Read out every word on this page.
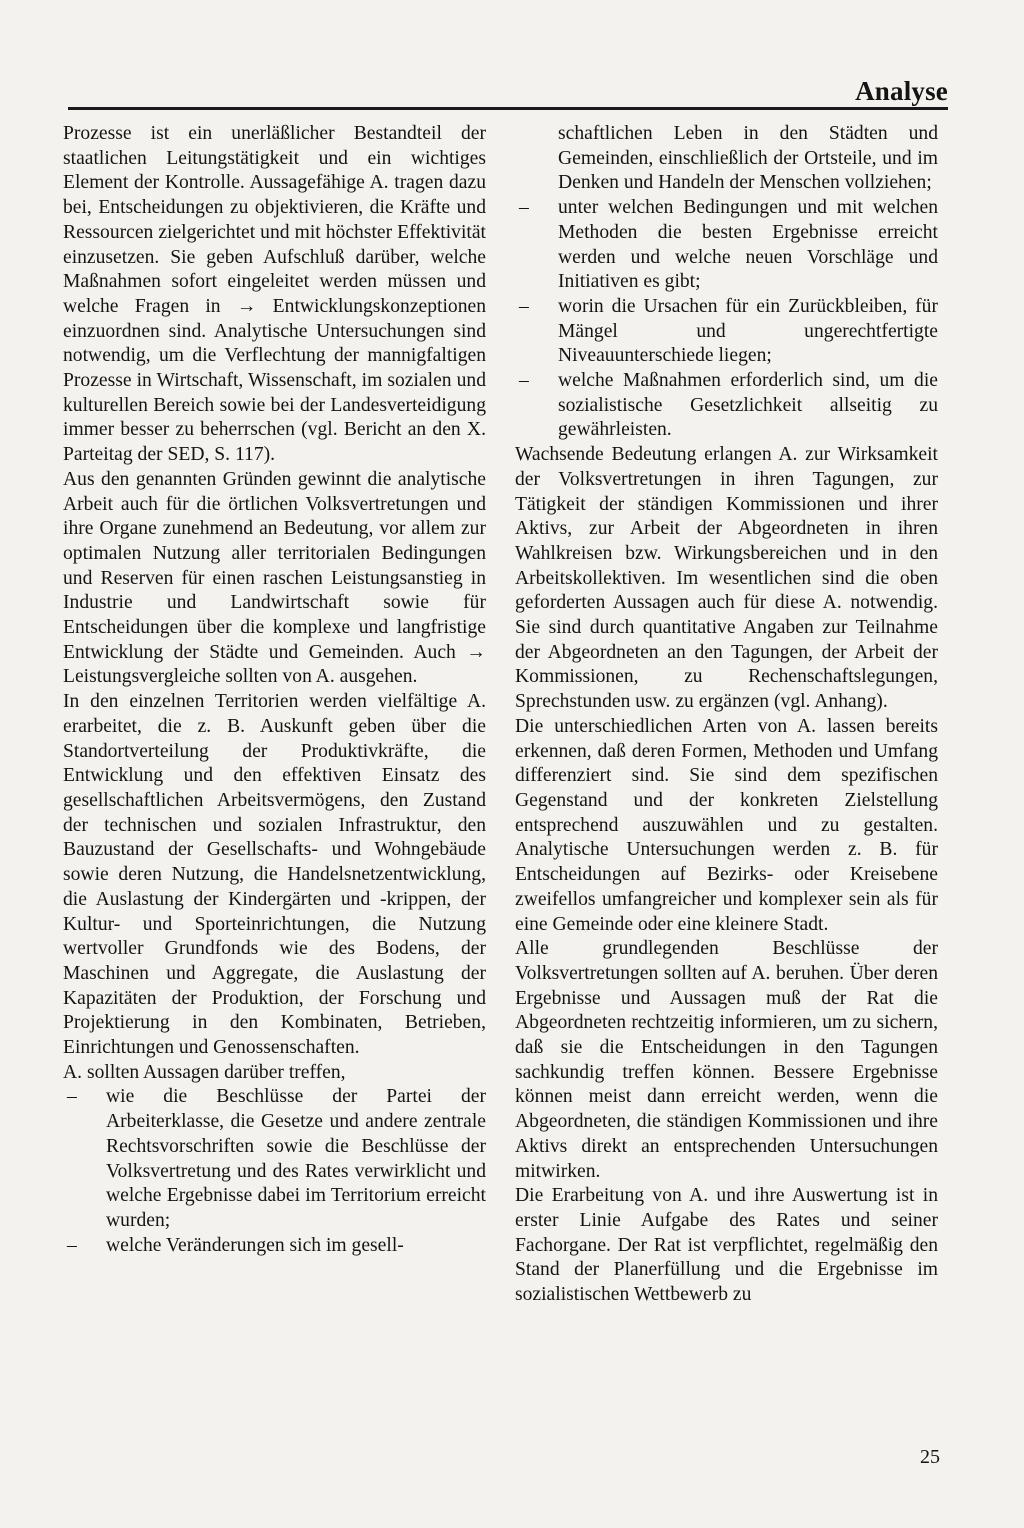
Analyse

Prozesse ist ein unerläßlicher Bestandteil der staatlichen Leitungstätigkeit und ein wichtiges Element der Kontrolle. Aussagefähige A. tragen dazu bei, Entscheidungen zu objektivieren, die Kräfte und Ressourcen zielgerichtet und mit höchster Effektivität einzusetzen. Sie geben Aufschluß darüber, welche Maßnahmen sofort eingeleitet werden müssen und welche Fragen in → Entwicklungskonzeptionen einzuordnen sind. Analytische Untersuchungen sind notwendig, um die Verflechtung der mannigfaltigen Prozesse in Wirtschaft, Wissenschaft, im sozialen und kulturellen Bereich sowie bei der Landesverteidigung immer besser zu beherrschen (vgl. Bericht an den X. Parteitag der SED, S. 117).

Aus den genannten Gründen gewinnt die analytische Arbeit auch für die örtlichen Volksvertretungen und ihre Organe zunehmend an Bedeutung, vor allem zur optimalen Nutzung aller territorialen Bedingungen und Reserven für einen raschen Leistungsanstieg in Industrie und Landwirtschaft sowie für Entscheidungen über die komplexe und langfristige Entwicklung der Städte und Gemeinden. Auch → Leistungsvergleiche sollten von A. ausgehen.

In den einzelnen Territorien werden vielfältige A. erarbeitet, die z. B. Auskunft geben über die Standortverteilung der Produktivkräfte, die Entwicklung und den effektiven Einsatz des gesellschaftlichen Arbeitsvermögens, den Zustand der technischen und sozialen Infrastruktur, den Bauzustand der Gesellschafts- und Wohngebäude sowie deren Nutzung, die Handelsnetzentwicklung, die Auslastung der Kindergärten und -krippen, der Kultur- und Sporteinrichtungen, die Nutzung wertvoller Grundfonds wie des Bodens, der Maschinen und Aggregate, die Auslastung der Kapazitäten der Produktion, der Forschung und Projektierung in den Kombinaten, Betrieben, Einrichtungen und Genossenschaften.

A. sollten Aussagen darüber treffen,

– wie die Beschlüsse der Partei der Arbeiterklasse, die Gesetze und andere zentrale Rechtsvorschriften sowie die Beschlüsse der Volksvertretung und des Rates verwirklicht und welche Ergebnisse dabei im Territorium erreicht wurden;
– welche Veränderungen sich im gesell-
schaftlichen Leben in den Städten und Gemeinden, einschließlich der Ortsteile, und im Denken und Handeln der Menschen vollziehen;
– unter welchen Bedingungen und mit welchen Methoden die besten Ergebnisse erreicht werden und welche neuen Vorschläge und Initiativen es gibt;
– worin die Ursachen für ein Zurückbleiben, für Mängel und ungerechtfertigte Niveauunterschiede liegen;
– welche Maßnahmen erforderlich sind, um die sozialistische Gesetzlichkeit allseitig zu gewährleisten.

Wachsende Bedeutung erlangen A. zur Wirksamkeit der Volksvertretungen in ihren Tagungen, zur Tätigkeit der ständigen Kommissionen und ihrer Aktivs, zur Arbeit der Abgeordneten in ihren Wahlkreisen bzw. Wirkungsbereichen und in den Arbeitskollektiven. Im wesentlichen sind die oben geforderten Aussagen auch für diese A. notwendig. Sie sind durch quantitative Angaben zur Teilnahme der Abgeordneten an den Tagungen, der Arbeit der Kommissionen, zu Rechenschaftslegungen, Sprechstunden usw. zu ergänzen (vgl. Anhang).

Die unterschiedlichen Arten von A. lassen bereits erkennen, daß deren Formen, Methoden und Umfang differenziert sind. Sie sind dem spezifischen Gegenstand und der konkreten Zielstellung entsprechend auszuwählen und zu gestalten. Analytische Untersuchungen werden z. B. für Entscheidungen auf Bezirks- oder Kreisebene zweifellos umfangreicher und komplexer sein als für eine Gemeinde oder eine kleinere Stadt.

Alle grundlegenden Beschlüsse der Volksvertretungen sollten auf A. beruhen. Über deren Ergebnisse und Aussagen muß der Rat die Abgeordneten rechtzeitig informieren, um zu sichern, daß sie die Entscheidungen in den Tagungen sachkundig treffen können. Bessere Ergebnisse können meist dann erreicht werden, wenn die Abgeordneten, die ständigen Kommissionen und ihre Aktivs direkt an entsprechenden Untersuchungen mitwirken.

Die Erarbeitung von A. und ihre Auswertung ist in erster Linie Aufgabe des Rates und seiner Fachorgane. Der Rat ist verpflichtet, regelmäßig den Stand der Planerfüllung und die Ergebnisse im sozialistischen Wettbewerb zu

25
